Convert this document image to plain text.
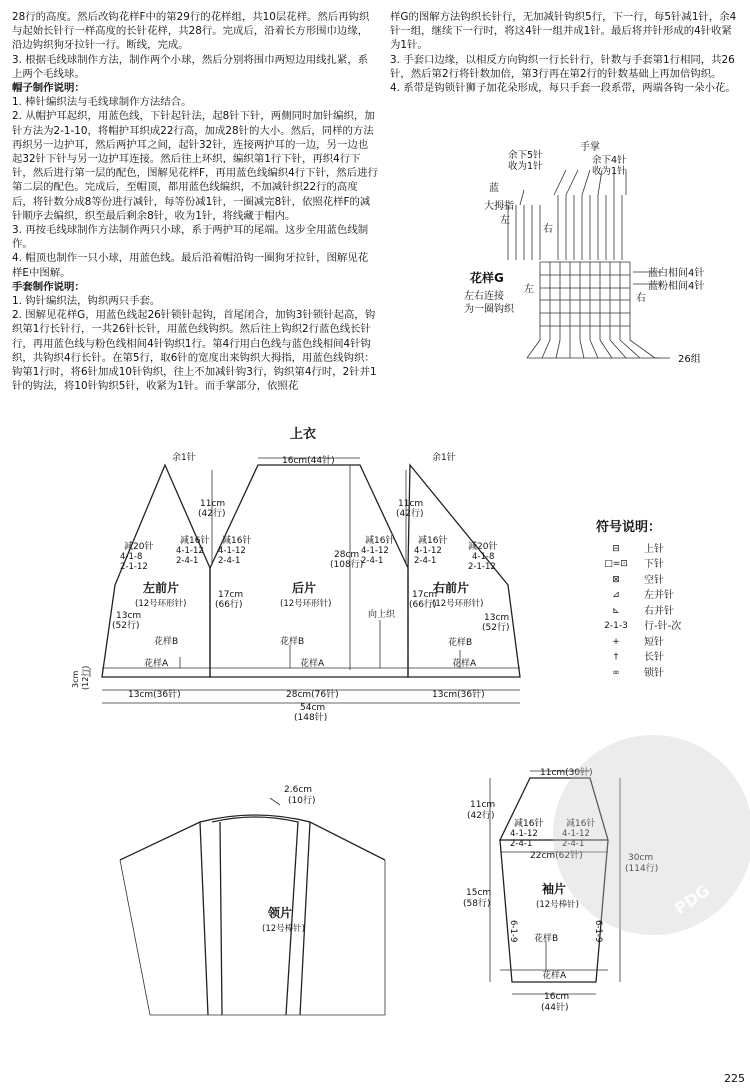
28行的高度。然后改钩花样F中的第29行的花样组，共10层花样。然后再钩织与起始长针行一样高度的长针花样，共28行。完成后，沿着长方形围巾边缘，沿边钩织狗牙拉针一行。断线，完成。

3. 根据毛线球制作方法，制作两个小球，然后分别将围巾两短边用线扎紧，系上两个毛线球。

帽子制作说明：

1. 棒针编织法与毛线球制作方法结合。

2. 从帽护耳起织，用蓝色线，下针起针法，起8针下针，两侧同时加针编织，加针方法为2-1-10，将帽护耳织成22行高，加成28针的大小。然后，同样的方法再织另一边护耳，然后两护耳之间，起针32针，连接两护耳的一边，另一边也起32针下针与另一边护耳连接。然后往上环织，编织第1行下针，再织4行下针，然后进行第一层的配色，图解见花样F，再用蓝色线编织4行下针，然后进行第二层的配色。完成后，至帽顶，都用蓝色线编织，不加减针织22行的高度后，将针数分成8等份进行减针，每等份减1针，一圈减完8针，依照花样F的减针顺序去编织，织至最后剩余8针，收为1针，将线藏于帽内。

3. 再按毛线球制作方法制作两只小球，系于两护耳的尾端。这步全用蓝色线制作。

4. 帽顶也制作一只小球，用蓝色线。最后沿着帽沿钩一圈狗牙拉针，图解见花样E中图解。

手套制作说明：

1. 钩针编织法，钩织两只手套。

2. 图解见花样G，用蓝色线起26针锁针起钩，首尾闭合，加钩3针锁针起高，钩织第1行长针行，一共26针长针，用蓝色线钩织。然后往上钩织2行蓝色线长针行，再用蓝色线与粉色线相间4针钩织1行。第4行用白色线与蓝色线相间4针钩织，共钩织4行长针。在第5行，取6针的宽度出来钩织大拇指，用蓝色线钩织：钩第1行时，将6针加成10针钩织，往上不加减针钩3行，钩织第4行时，2针并1针的钩法，将10针钩织5针，收紧为1针。而手掌部分，依照花

样G的图解方法钩织长针行，无加减针钩织5行，下一行，每5针减1针，余4针一组，继续下一行时，将这4针一组并成1针。最后将并针形成的4针收紧为1针。

3. 手套口边缘，以相反方向钩织一行长针行，针数与手套第1行相同，共26针，然后第2行将针数加倍，第3行再在第2行的针数基础上再加倍钩织。

4. 系带是钩锁针狮子加花朵形成，每只手套一段系带，两端各钩一朵小花。

手掌
余下4针
收为1针
余下5针
收为1针
蓝
大拇指
左
右
左
花样G
左右连接
为一圈钩织
蓝白相间4针
蓝粉相间4针
右
26组
上衣
余1针	余1针
16cm(44针)
11cm
(42行)
11cm
(42行)
减20针
4-1-8
2-1-12
减16针
4-1-12
2-4-1
减16针
4-1-12
2-4-1
减16针
4-1-12
2-4-1
减16针
4-1-12
2-4-1
减20针
4-1-8
2-1-12
28cm
(108行)
左前片
(12号环形针)
后片
(12号环形针)
右前片
(12号环形针)
17cm
(66行)
17cm
(66行)
13cm
(52行)
13cm
(52行)
向上织
花样B	花样B	花样B
花样A	花样A	花样A
3cm (12行)
13cm(36针)	28cm(76针)	13cm(36针)
54cm
(148针)
2.6cm
(10行)
领片
(12号棒针)
11cm(30针)
11cm
(42行)
减16针
4-1-12
2-4-1
减16针
4-1-12
2-4-1
22cm(62针)
15cm
(58行)
30cm
(114行)
袖片
(12号棒针)
6-1-9	6-1-9
花样B
花样A
16cm
(44针)
符号说明：
⊟	上针
□=⊡	下针
⊠	空针
⊿	左并针
⊾	右并针
2-1-3	行-针-次
+	短针
†	长针
∞	锁针
PDG
225
